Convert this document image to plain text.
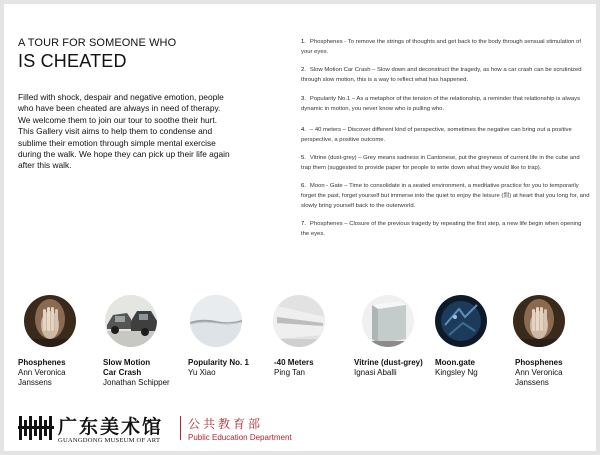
A TOUR FOR SOMEONE WHO
IS CHEATED
Filled with shock, despair and negative emotion, people who have been cheated are always in need of therapy. We welcome them to join our tour to soothe their hurt. This Gallery visit aims to help them to condense and sublime their emotion through simple mental exercise during the walk. We hope they can pick up their life again after this walk.
1. Phosphenes - To remove the strings of thoughts and get back to the body through sensual stimulation of your eyes.
2. Slow Motion Car Crash – Slow down and deconstruct the tragedy, as how a car crash can be scrutinized through slow motion, this is a way to reflect what has happened.
3. Popularity No.1 – As a metaphor of the tension of the relationship, a reminder that relationship is always dynamic in motion, you never know who is pulling who.
4. – 40 meters – Discover different kind of perspective, sometimes the negative can bring out a positive perspective, a positive outcome.
5. Vitrine (dust-grey) – Grey means sadness in Cantonese, put the greyness of current life in the cube and trap them (suggested to provide paper for people to write down what they would like to trap).
6. Moon - Gate – Time to consolidate in a seated environment, a meditative practice for you to temporarily forget the past, forget yourself but immerse into the quiet to enjoy the leisure (閒) at heart that you long for, and slowly bring yourself back to the outerworld.
7. Phosphenes – Closure of the previous tragedy by repeating the first step, a new life begin when opening the eyes.
Phosphenes
Ann Veronica Janssens
Slow Motion Car Crash
Jonathan Schipper
Popularity No. 1
Yu Xiao
-40 Meters
Ping Tan
Vitrine (dust-grey)
Ignasi Aballi
Moon.gate
Kingsley Ng
Phosphenes
Ann Veronica Janssens
广东美术馆
GUANGDONG MUSEUM OF ART
公共教育部
Public Education Department
